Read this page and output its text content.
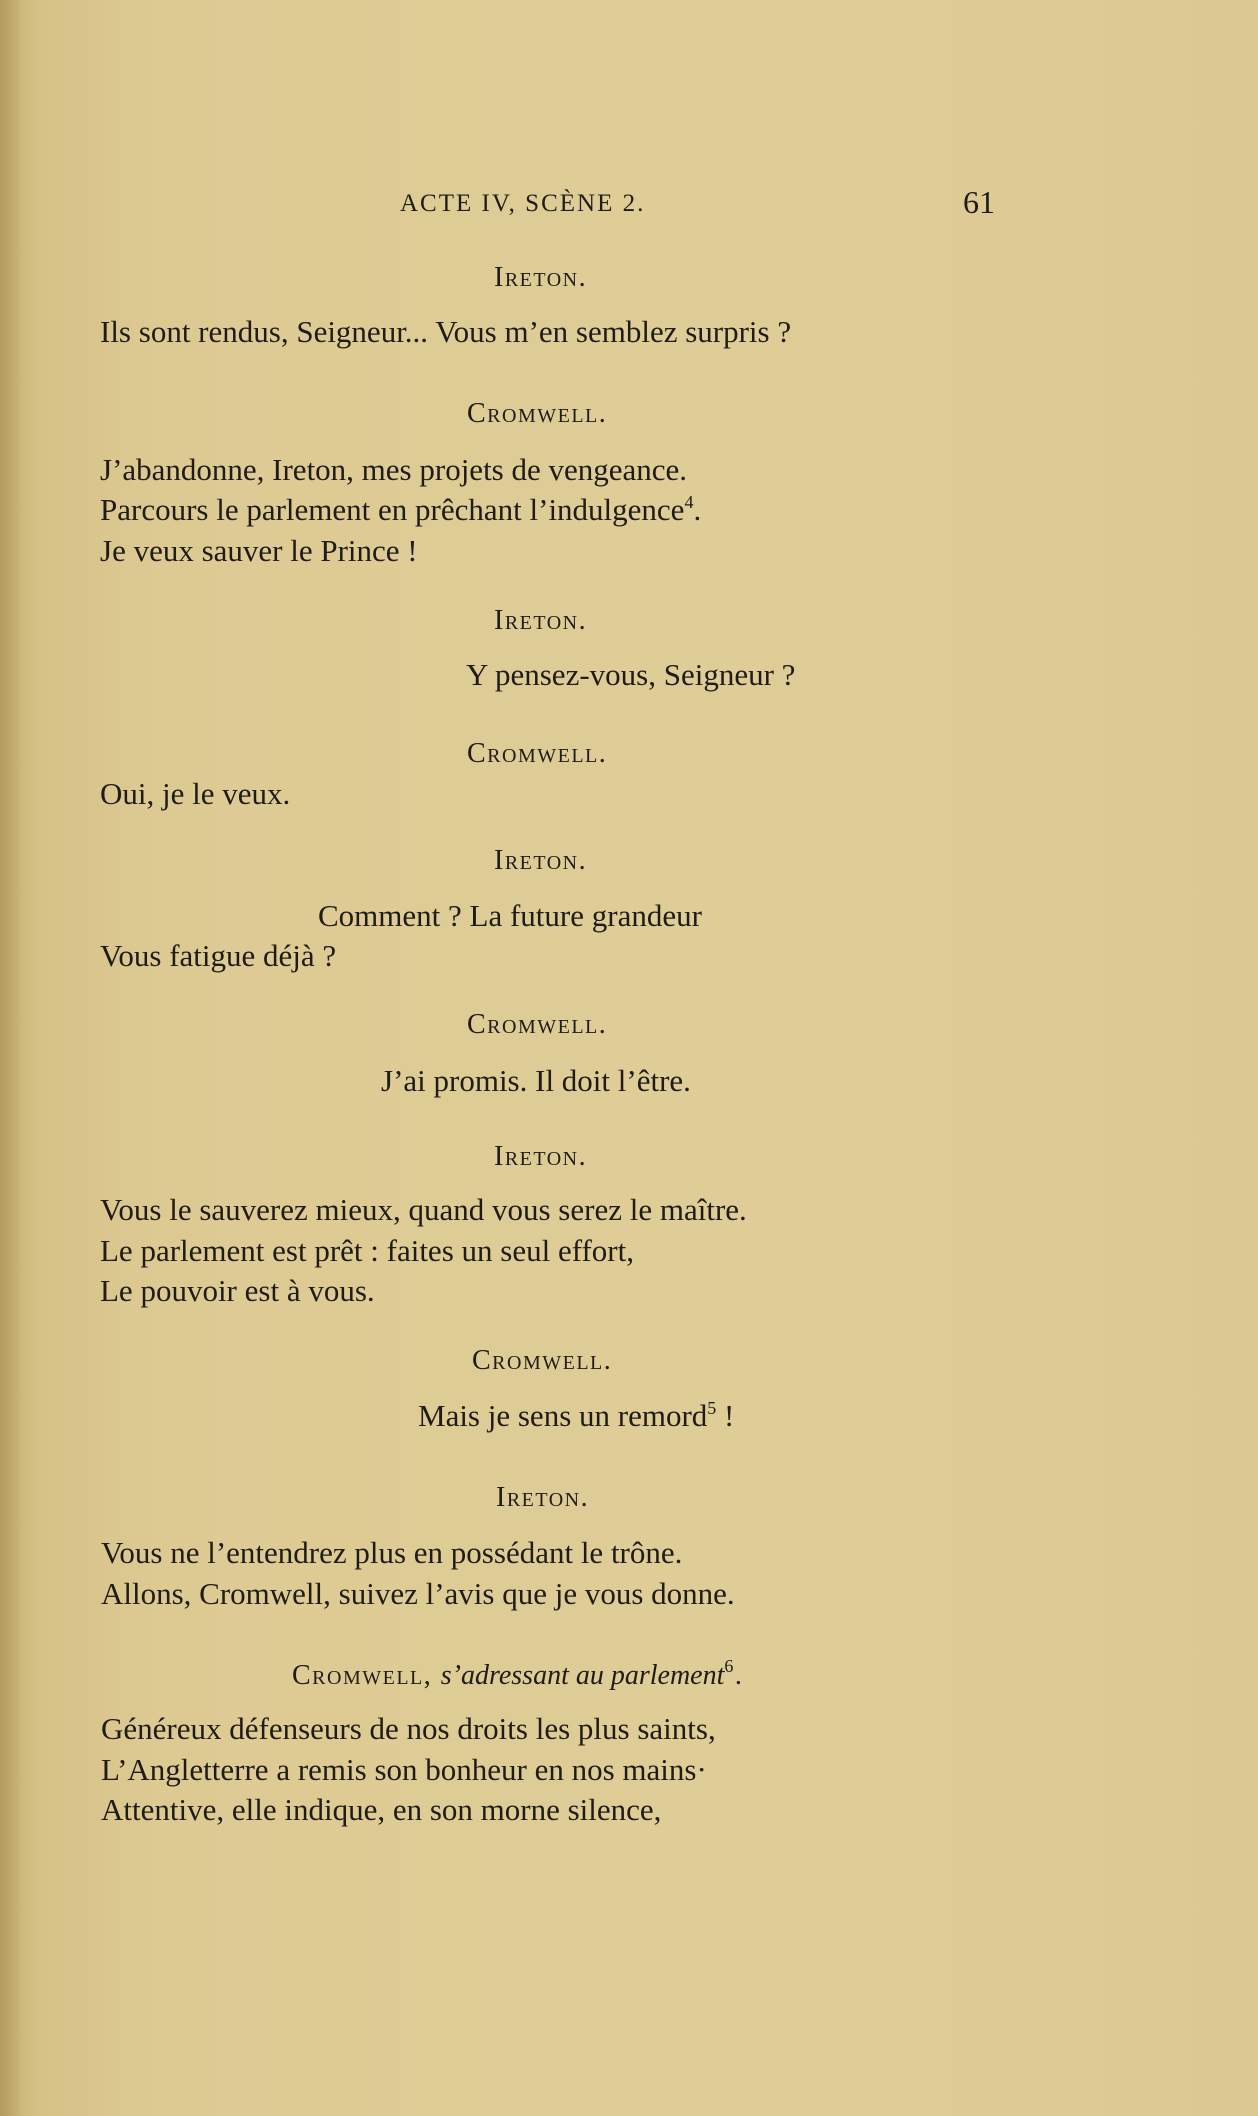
ACTE IV, SCÈNE 2.	61
Ireton.
Ils sont rendus, Seigneur... Vous m’en semblez surpris ?
Cromwell.
J’abandonne, Ireton, mes projets de vengeance.
Parcours le parlement en prêchant l’indulgence$^4$.
Je veux sauver le Prince !
Ireton.
Y pensez-vous, Seigneur ?
Cromwell.
Oui, je le veux.
Ireton.
Comment ? La future grandeur
Vous fatigue déjà ?
Cromwell.
J’ai promis. Il doit l’être.
Ireton.
Vous le sauverez mieux, quand vous serez le maître.
Le parlement est prêt : faites un seul effort,
Le pouvoir est à vous.
Cromwell.
Mais je sens un remord$^5$ !
Ireton.
Vous ne l’entendrez plus en possédant le trône.
Allons, Cromwell, suivez l’avis que je vous donne.
Cromwell, s’adressant au parlement$^6$.
Généreux défenseurs de nos droits les plus saints,
L’Angletterre a remis son bonheur en nos mains·
Attentive, elle indique, en son morne silence,
